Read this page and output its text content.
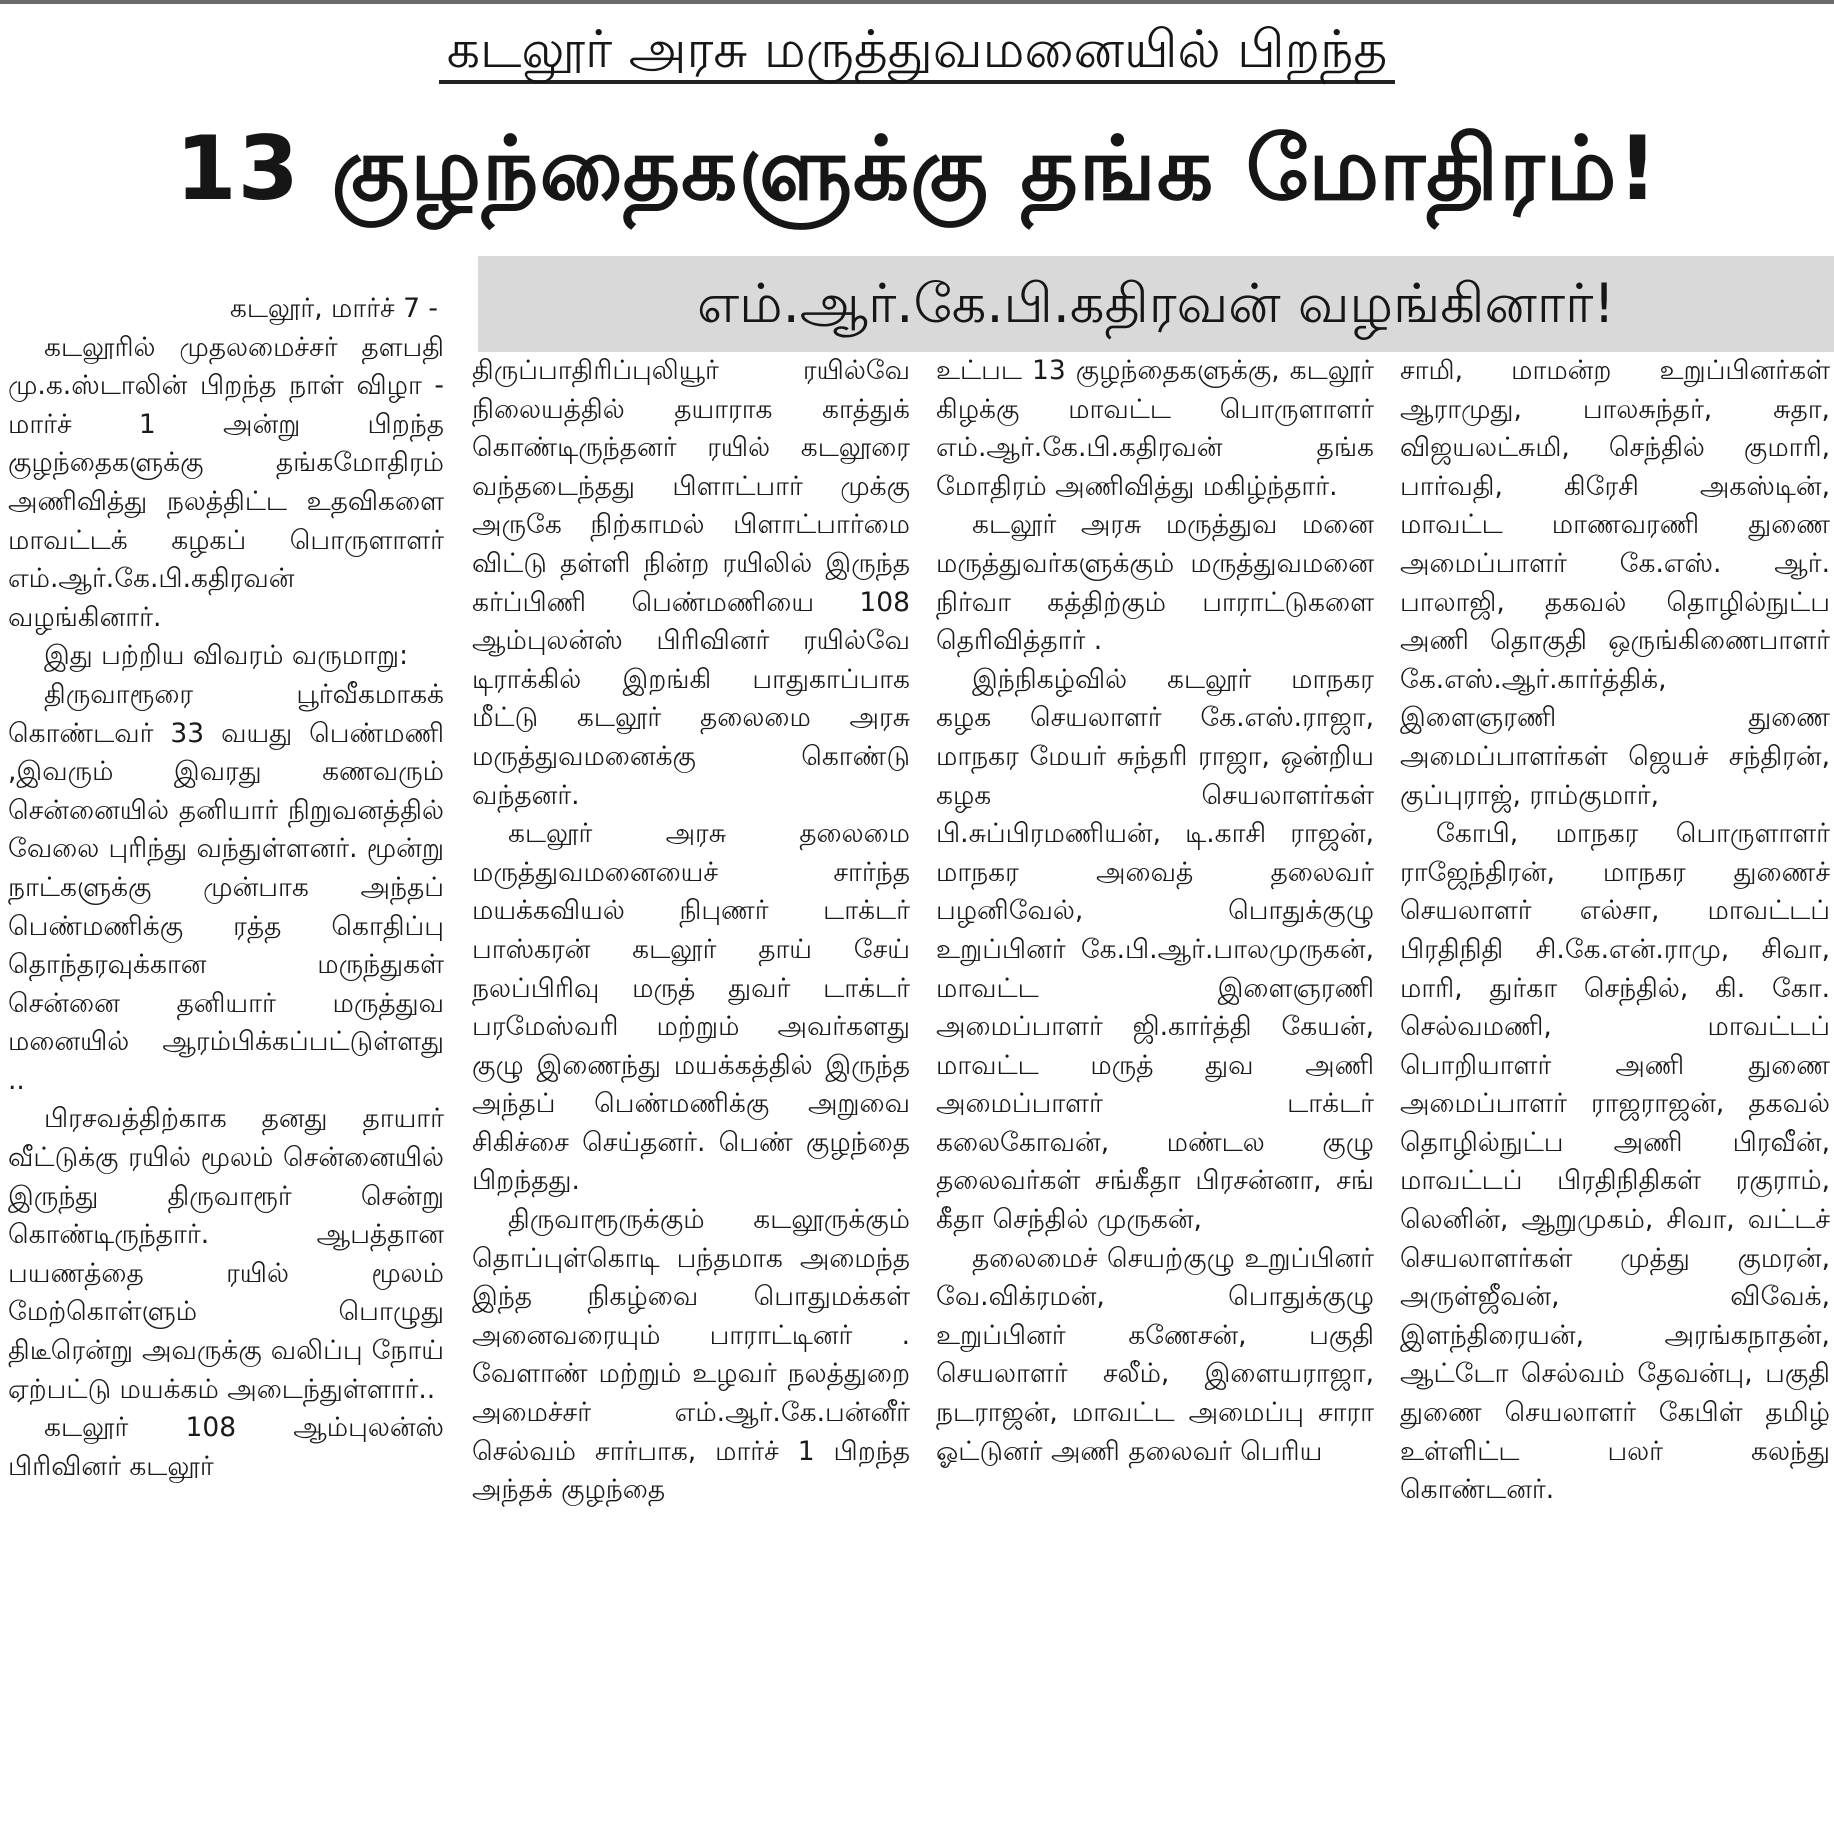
கடலூர் அரசு மருத்துவமனையில் பிறந்த
13 குழந்தைகளுக்கு தங்க மோதிரம்!
எம்.ஆர்.கே.பி.கதிரவன் வழங்கினார்!

கடலூர், மார்ச் 7 -

கடலூரில் முதலமைச்சர் தளபதி மு.க.ஸ்டாலின் பிறந்த நாள் விழா - மார்ச் 1 அன்று பிறந்த குழந்தைகளுக்கு தங்கமோதிரம் அணிவித்து நலத்திட்ட உதவிகளை மாவட்டக் கழகப் பொருளாளர் எம்.ஆர்.கே.பி.கதிரவன் வழங்கினார்.

இது பற்றிய விவரம் வருமாறு:

திருவாரூரை பூர்வீகமாகக் கொண்டவர் 33 வயது பெண்மணி ,இவரும் இவரது கணவரும் சென்னையில் தனியார் நிறுவனத்தில் வேலை புரிந்து வந்துள்ளனர். மூன்று நாட்களுக்கு முன்பாக அந்தப் பெண்மணிக்கு ரத்த கொதிப்பு தொந்தரவுக்கான மருந்துகள் சென்னை தனியார் மருத்துவ மனையில் ஆரம்பிக்கப்பட்டுள்ளது ..

பிரசவத்திற்காக தனது தாயார் வீட்டுக்கு ரயில் மூலம் சென்னையில் இருந்து திருவாரூர் சென்று கொண்டிருந்தார். ஆபத்தான பயணத்தை ரயில் மூலம் மேற்கொள்ளும் பொழுது திடீரென்று அவருக்கு வலிப்பு நோய் ஏற்பட்டு மயக்கம் அடைந்துள்ளார்..

கடலூர் 108 ஆம்புலன்ஸ் பிரிவினர் கடலூர்

திருப்பாதிரிப்புலியூர் ரயில்வே நிலையத்தில் தயாராக காத்துக் கொண்டிருந்தனர் ரயில் கடலூரை வந்தடைந்தது பிளாட்பார் முக்கு அருகே நிற்காமல் பிளாட்பார்மை விட்டு தள்ளி நின்ற ரயிலில் இருந்த கர்ப்பிணி பெண்மணியை 108 ஆம்புலன்ஸ் பிரிவினர் ரயில்வே டிராக்கில் இறங்கி பாதுகாப்பாக மீட்டு கடலூர் தலைமை அரசு மருத்துவமனைக்கு கொண்டு வந்தனர்.

கடலூர் அரசு தலைமை மருத்துவமனையைச் சார்ந்த மயக்கவியல் நிபுணர் டாக்டர் பாஸ்கரன் கடலூர் தாய் சேய் நலப்பிரிவு மருத் துவர் டாக்டர் பரமேஸ்வரி மற்றும் அவர்களது குழு இணைந்து மயக்கத்தில் இருந்த அந்தப் பெண்மணிக்கு அறுவை சிகிச்சை செய்தனர். பெண் குழந்தை பிறந்தது.

திருவாரூருக்கும் கடலூருக்கும் தொப்புள்கொடி பந்தமாக அமைந்த இந்த நிகழ்வை பொதுமக்கள் அனைவரையும் பாராட்டினர் . வேளாண் மற்றும் உழவர் நலத்துறை அமைச்சர் எம்.ஆர்.கே.பன்னீர் செல்வம் சார்பாக, மார்ச் 1 பிறந்த அந்தக் குழந்தை

உட்பட 13 குழந்தைகளுக்கு, கடலூர் கிழக்கு மாவட்ட பொருளாளர் எம்.ஆர்.கே.பி.கதிரவன் தங்க மோதிரம் அணிவித்து மகிழ்ந்தார்.

கடலூர் அரசு மருத்துவ மனை மருத்துவர்களுக்கும் மருத்துவமனை நிர்வா கத்திற்கும் பாராட்டுகளை தெரிவித்தார் .

இந்நிகழ்வில் கடலூர் மாநகர கழக செயலாளர் கே.எஸ்.ராஜா, மாநகர மேயர் சுந்தரி ராஜா, ஒன்றிய கழக செயலாளர்கள் பி.சுப்பிரமணியன், டி.காசி ராஜன், மாநகர அவைத் தலைவர் பழனிவேல், பொதுக்குழு உறுப்பினர் கே.பி.ஆர்.பாலமுருகன், மாவட்ட இளைஞரணி அமைப்பாளர் ஜி.கார்த்தி கேயன், மாவட்ட மருத் துவ அணி அமைப்பாளர் டாக்டர் கலைகோவன், மண்டல குழு தலைவர்கள் சங்கீதா பிரசன்னா, சங் கீதா செந்தில் முருகன்,

தலைமைச் செயற்குழு உறுப்பினர் வே.விக்ரமன், பொதுக்குழு உறுப்பினர் கணேசன், பகுதி செயலாளர் சலீம், இளையராஜா, நடராஜன், மாவட்ட அமைப்பு சாரா ஓட்டுனர் அணி தலைவர் பெரிய

சாமி, மாமன்ற உறுப்பினர்கள் ஆராமுது, பாலசுந்தர், சுதா, விஜயலட்சுமி, செந்தில் குமாரி, பார்வதி, கிரேசி அகஸ்டின், மாவட்ட மாணவரணி துணை அமைப்பாளர் கே.எஸ். ஆர். பாலாஜி, தகவல் தொழில்நுட்ப அணி தொகுதி ஒருங்கிணைபாளர் கே.எஸ்.ஆர்.கார்த்திக், இளைஞரணி துணை அமைப்பாளர்கள் ஜெயச் சந்திரன், குப்புராஜ், ராம்குமார்,

கோபி, மாநகர பொருளாளர் ராஜேந்திரன், மாநகர துணைச் செயலாளர் எல்சா, மாவட்டப் பிரதிநிதி சி.கே.என்.ராமு, சிவா, மாரி, துர்கா செந்தில், கி. கோ. செல்வமணி, மாவட்டப் பொறியாளர் அணி துணை அமைப்பாளர் ராஜராஜன், தகவல் தொழில்நுட்ப அணி பிரவீன், மாவட்டப் பிரதிநிதிகள் ரகுராம், லெனின், ஆறுமுகம், சிவா, வட்டச் செயலாளர்கள் முத்து குமரன், அருள்ஜீவன், விவேக், இளந்திரையன், அரங்கநாதன், ஆட்டோ செல்வம் தேவன்பு, பகுதி துணை செயலாளர் கேபிள் தமிழ் உள்ளிட்ட பலர் கலந்து கொண்டனர்.
